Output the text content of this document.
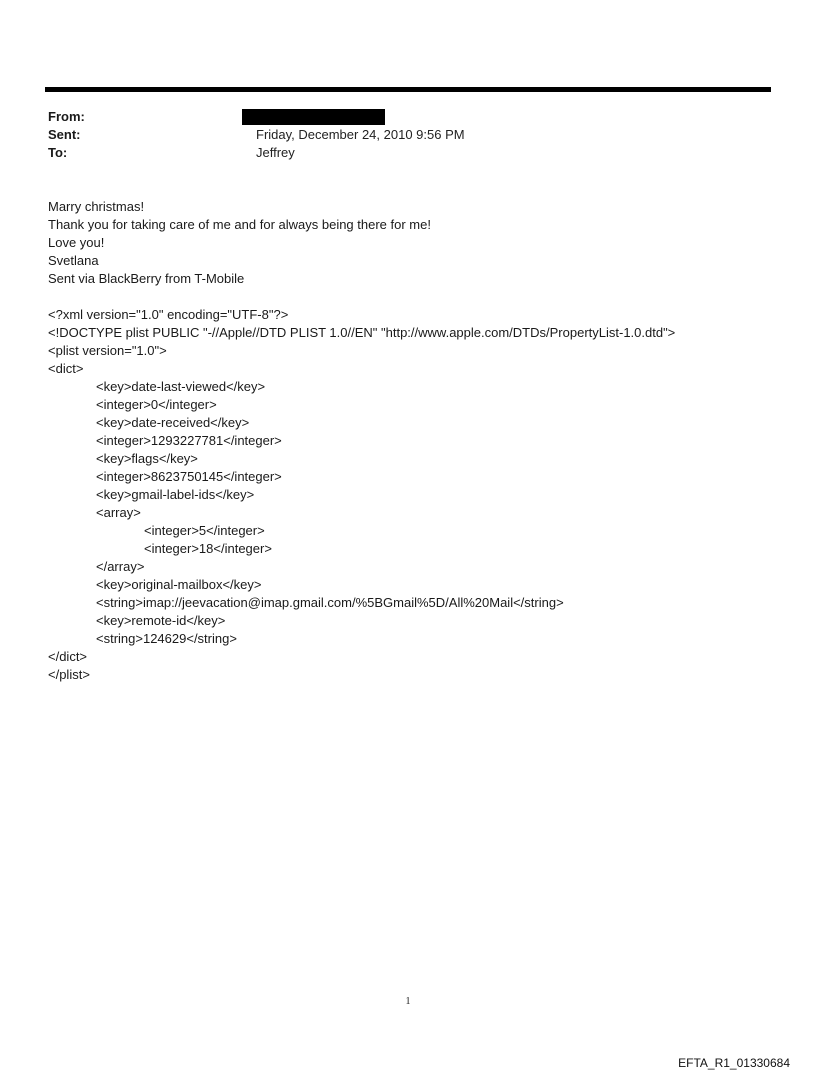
From:
Sent:	Friday, December 24, 2010 9:56 PM
To:	Jeffrey
Marry christmas!
Thank you for taking care of me and for always being there for me!
Love you!
Svetlana
Sent via BlackBerry from T-Mobile
<?xml version="1.0" encoding="UTF-8"?>
<!DOCTYPE plist PUBLIC "-//Apple//DTD PLIST 1.0//EN" "http://www.apple.com/DTDs/PropertyList-1.0.dtd">
<plist version="1.0">
<dict>
<key>date-last-viewed</key>
<integer>0</integer>
<key>date-received</key>
<integer>1293227781</integer>
<key>flags</key>
<integer>8623750145</integer>
<key>gmail-label-ids</key>
<array>
<integer>5</integer>
<integer>18</integer>
</array>
<key>original-mailbox</key>
<string>imap://jeevacation@imap.gmail.com/%5BGmail%5D/All%20Mail</string>
<key>remote-id</key>
<string>124629</string>
</dict>
</plist>
1
EFTA_R1_01330684
